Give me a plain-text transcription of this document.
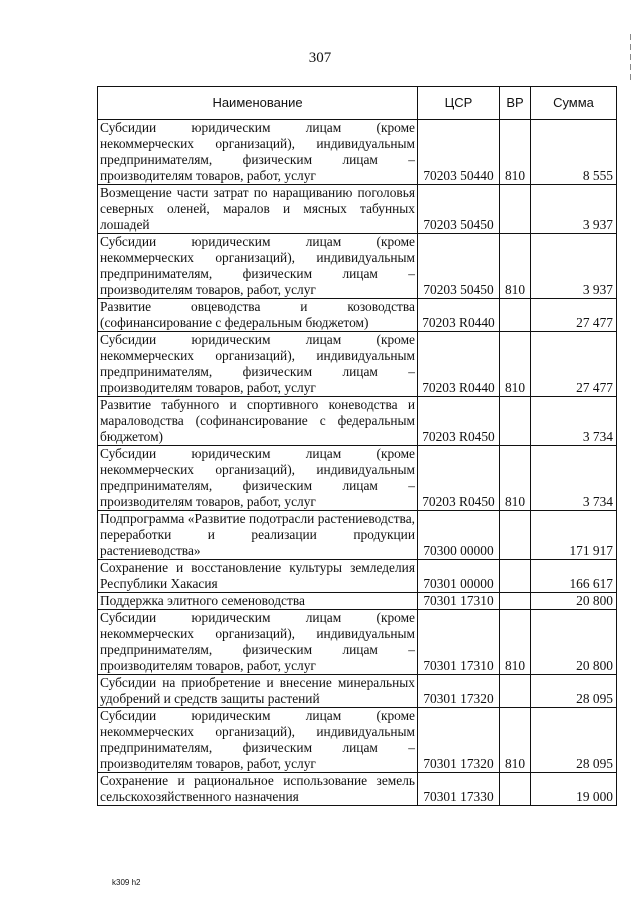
307
Наименование	ЦСР	ВР	Сумма
Субсидии юридическим лицам (кроме некоммерческих организаций), индивидуальным предпринимателям, физическим лицам – производителям товаров, работ, услуг	70203 50440	810	8 555
Возмещение части затрат по наращиванию поголовья северных оленей, маралов и мясных табунных лошадей	70203 50450		3 937
Субсидии юридическим лицам (кроме некоммерческих организаций), индивидуальным предпринимателям, физическим лицам – производителям товаров, работ, услуг	70203 50450	810	3 937
Развитие овцеводства и козоводства (софинансирование с федеральным бюджетом)	70203 R0440		27 477
Субсидии юридическим лицам (кроме некоммерческих организаций), индивидуальным предпринимателям, физическим лицам – производителям товаров, работ, услуг	70203 R0440	810	27 477
Развитие табунного и спортивного коневодства и мараловодства (софинансирование с федеральным бюджетом)	70203 R0450		3 734
Субсидии юридическим лицам (кроме некоммерческих организаций), индивидуальным предпринимателям, физическим лицам – производителям товаров, работ, услуг	70203 R0450	810	3 734
Подпрограмма «Развитие подотрасли растениеводства, переработки и реализации продукции растениеводства»	70300 00000		171 917
Сохранение и восстановление культуры земледелия Республики Хакасия	70301 00000		166 617
Поддержка элитного семеноводства	70301 17310		20 800
Субсидии юридическим лицам (кроме некоммерческих организаций), индивидуальным предпринимателям, физическим лицам – производителям товаров, работ, услуг	70301 17310	810	20 800
Субсидии на приобретение и внесение минеральных удобрений и средств защиты растений	70301 17320		28 095
Субсидии юридическим лицам (кроме некоммерческих организаций), индивидуальным предпринимателям, физическим лицам – производителям товаров, работ, услуг	70301 17320	810	28 095
Сохранение и рациональное использование земель сельскохозяйственного назначения	70301 17330		19 000
k309 h2
